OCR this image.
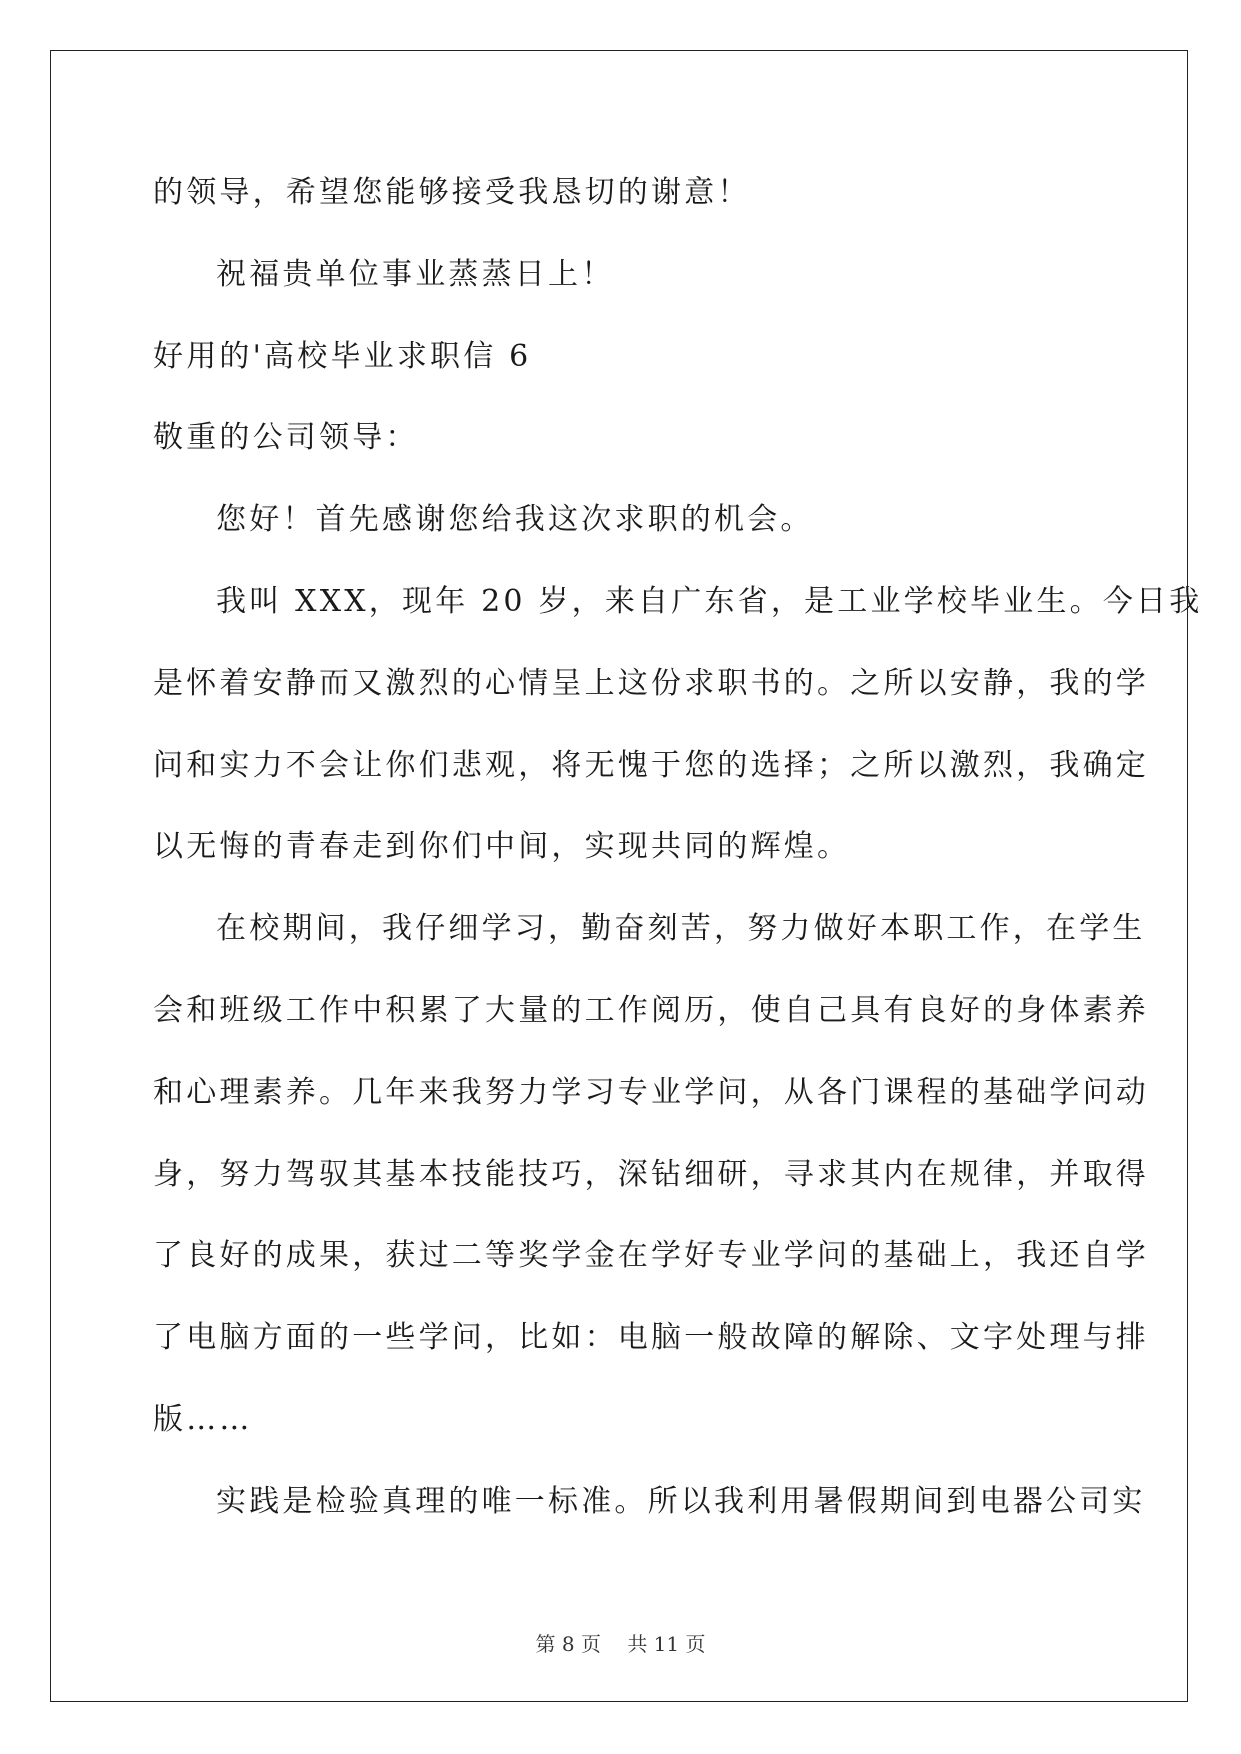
的领导，希望您能够接受我恳切的谢意！
祝福贵单位事业蒸蒸日上！
好用的'高校毕业求职信 6
敬重的公司领导：
您好！首先感谢您给我这次求职的机会。
我叫 XXX，现年 20 岁，来自广东省，是工业学校毕业生。今日我
是怀着安静而又激烈的心情呈上这份求职书的。之所以安静，我的学
问和实力不会让你们悲观，将无愧于您的选择；之所以激烈，我确定
以无悔的青春走到你们中间，实现共同的辉煌。
在校期间，我仔细学习，勤奋刻苦，努力做好本职工作，在学生
会和班级工作中积累了大量的工作阅历，使自己具有良好的身体素养
和心理素养。几年来我努力学习专业学问，从各门课程的基础学问动
身，努力驾驭其基本技能技巧，深钻细研，寻求其内在规律，并取得
了良好的成果，获过二等奖学金在学好专业学问的基础上，我还自学
了电脑方面的一些学问，比如：电脑一般故障的解除、文字处理与排
版……
实践是检验真理的唯一标准。所以我利用暑假期间到电器公司实
第 8 页 共 11 页
